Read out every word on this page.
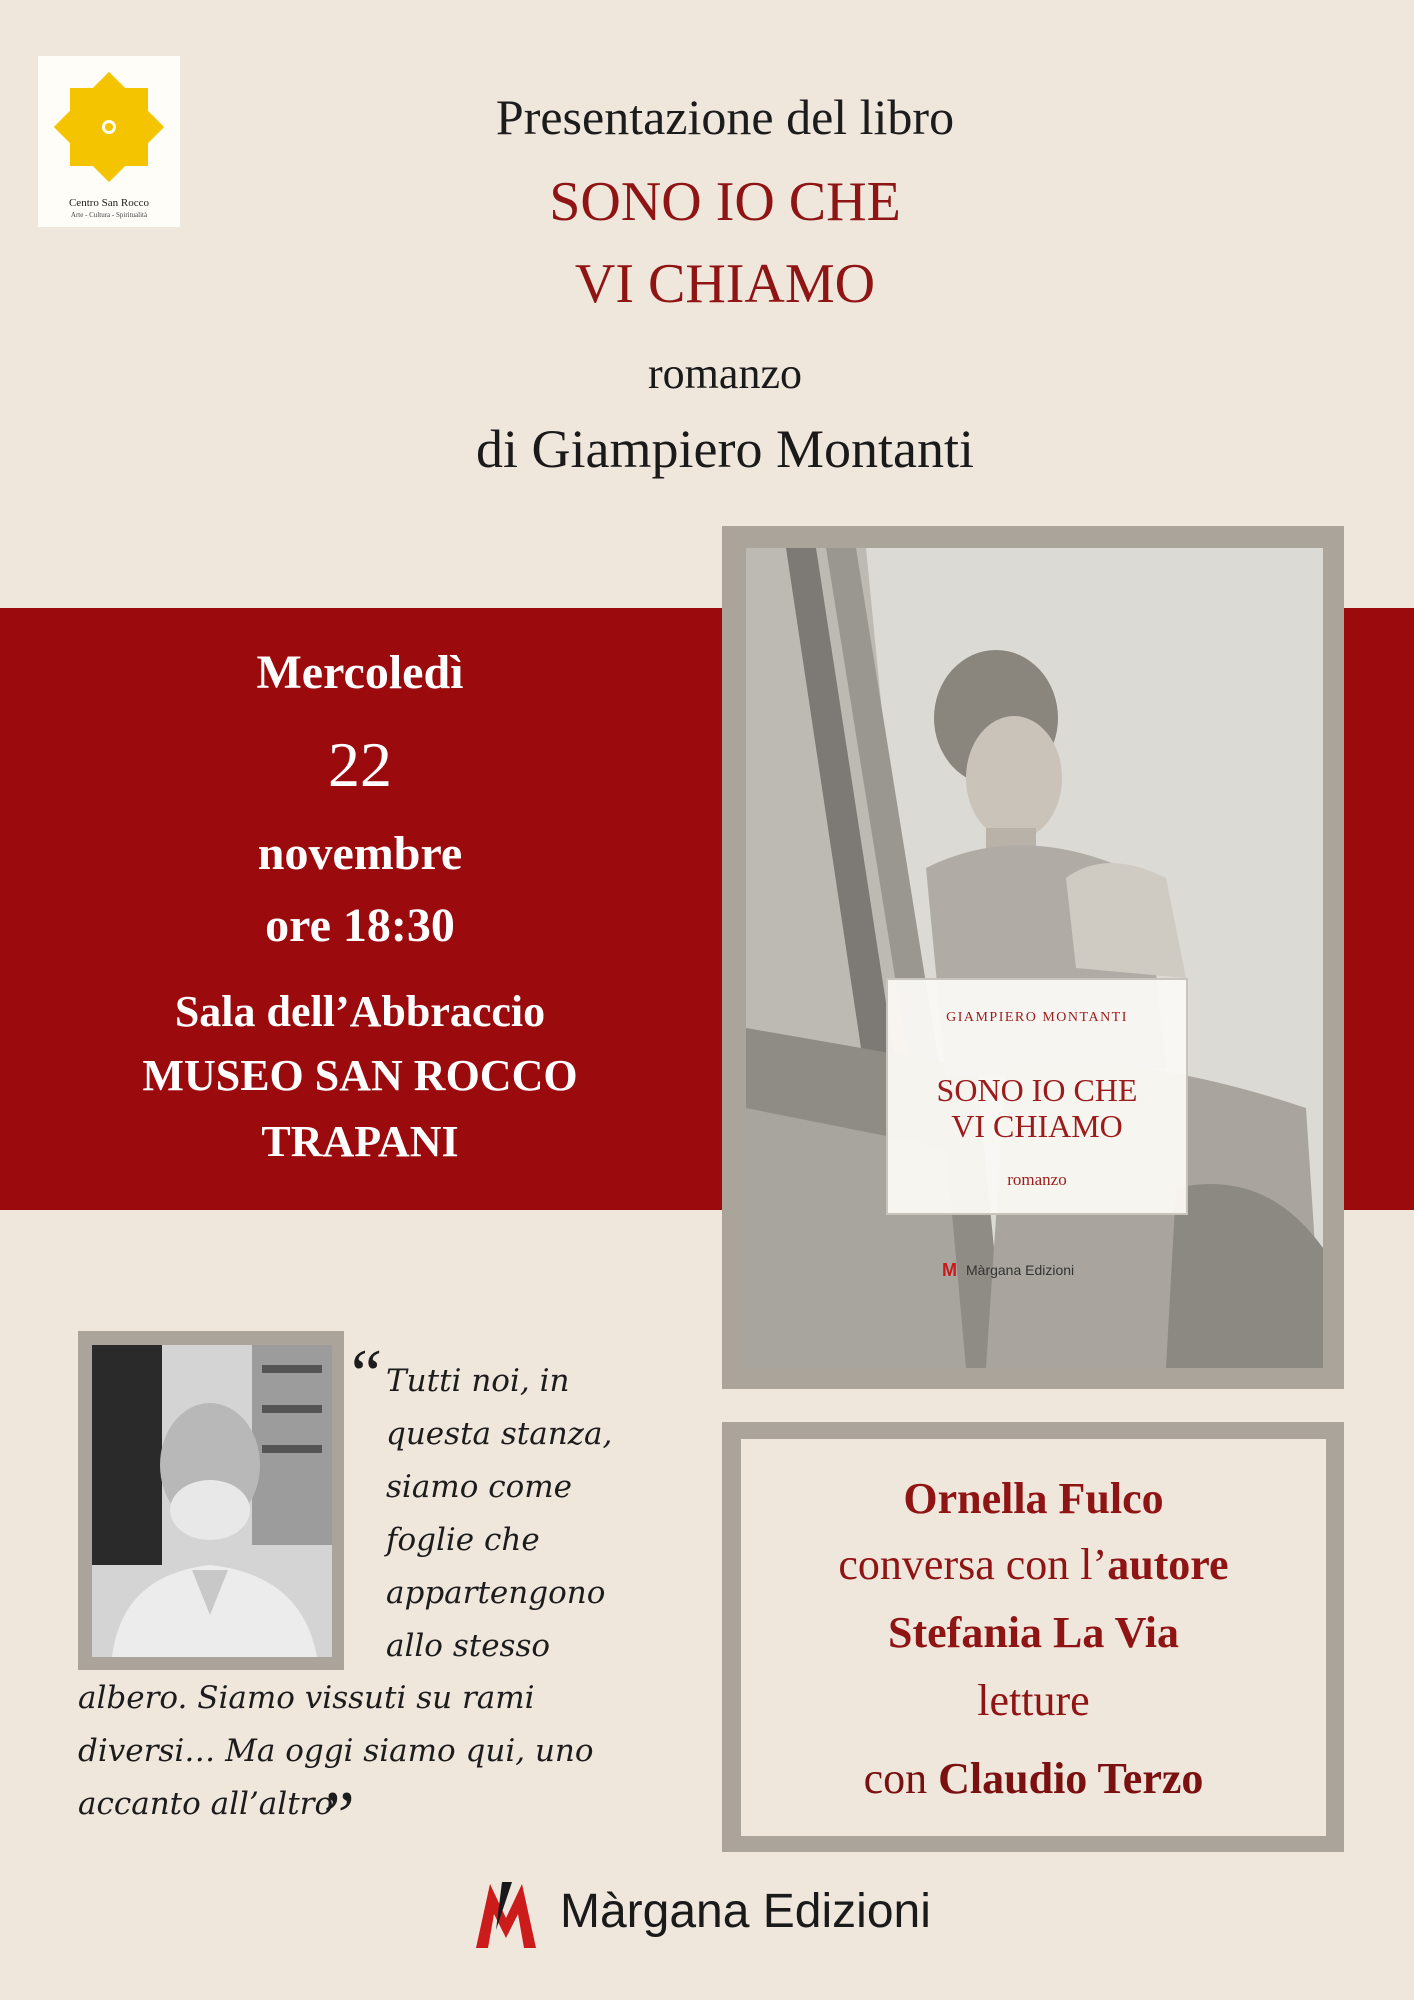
Centro San Rocco
Arte - Cultura - Spiritualità
Presentazione del libro
SONO IO CHE
VI CHIAMO
romanzo
di Giampiero Montanti
Mercoledì
22
novembre
ore 18:30
Sala dell’Abbraccio
MUSEO SAN ROCCO
TRAPANI
GIAMPIERO MONTANTI
SONO IO CHE
VI CHIAMO
romanzo
M Màrgana Edizioni
“ Tutti noi, in
questa stanza,
siamo come
foglie che
appartengono
allo stesso
albero. Siamo vissuti su rami
diversi… Ma oggi siamo qui, uno
accanto all’altro
”
Ornella Fulco
conversa con l’autore
Stefania La Via
letture
con Claudio Terzo
Màrgana Edizioni
